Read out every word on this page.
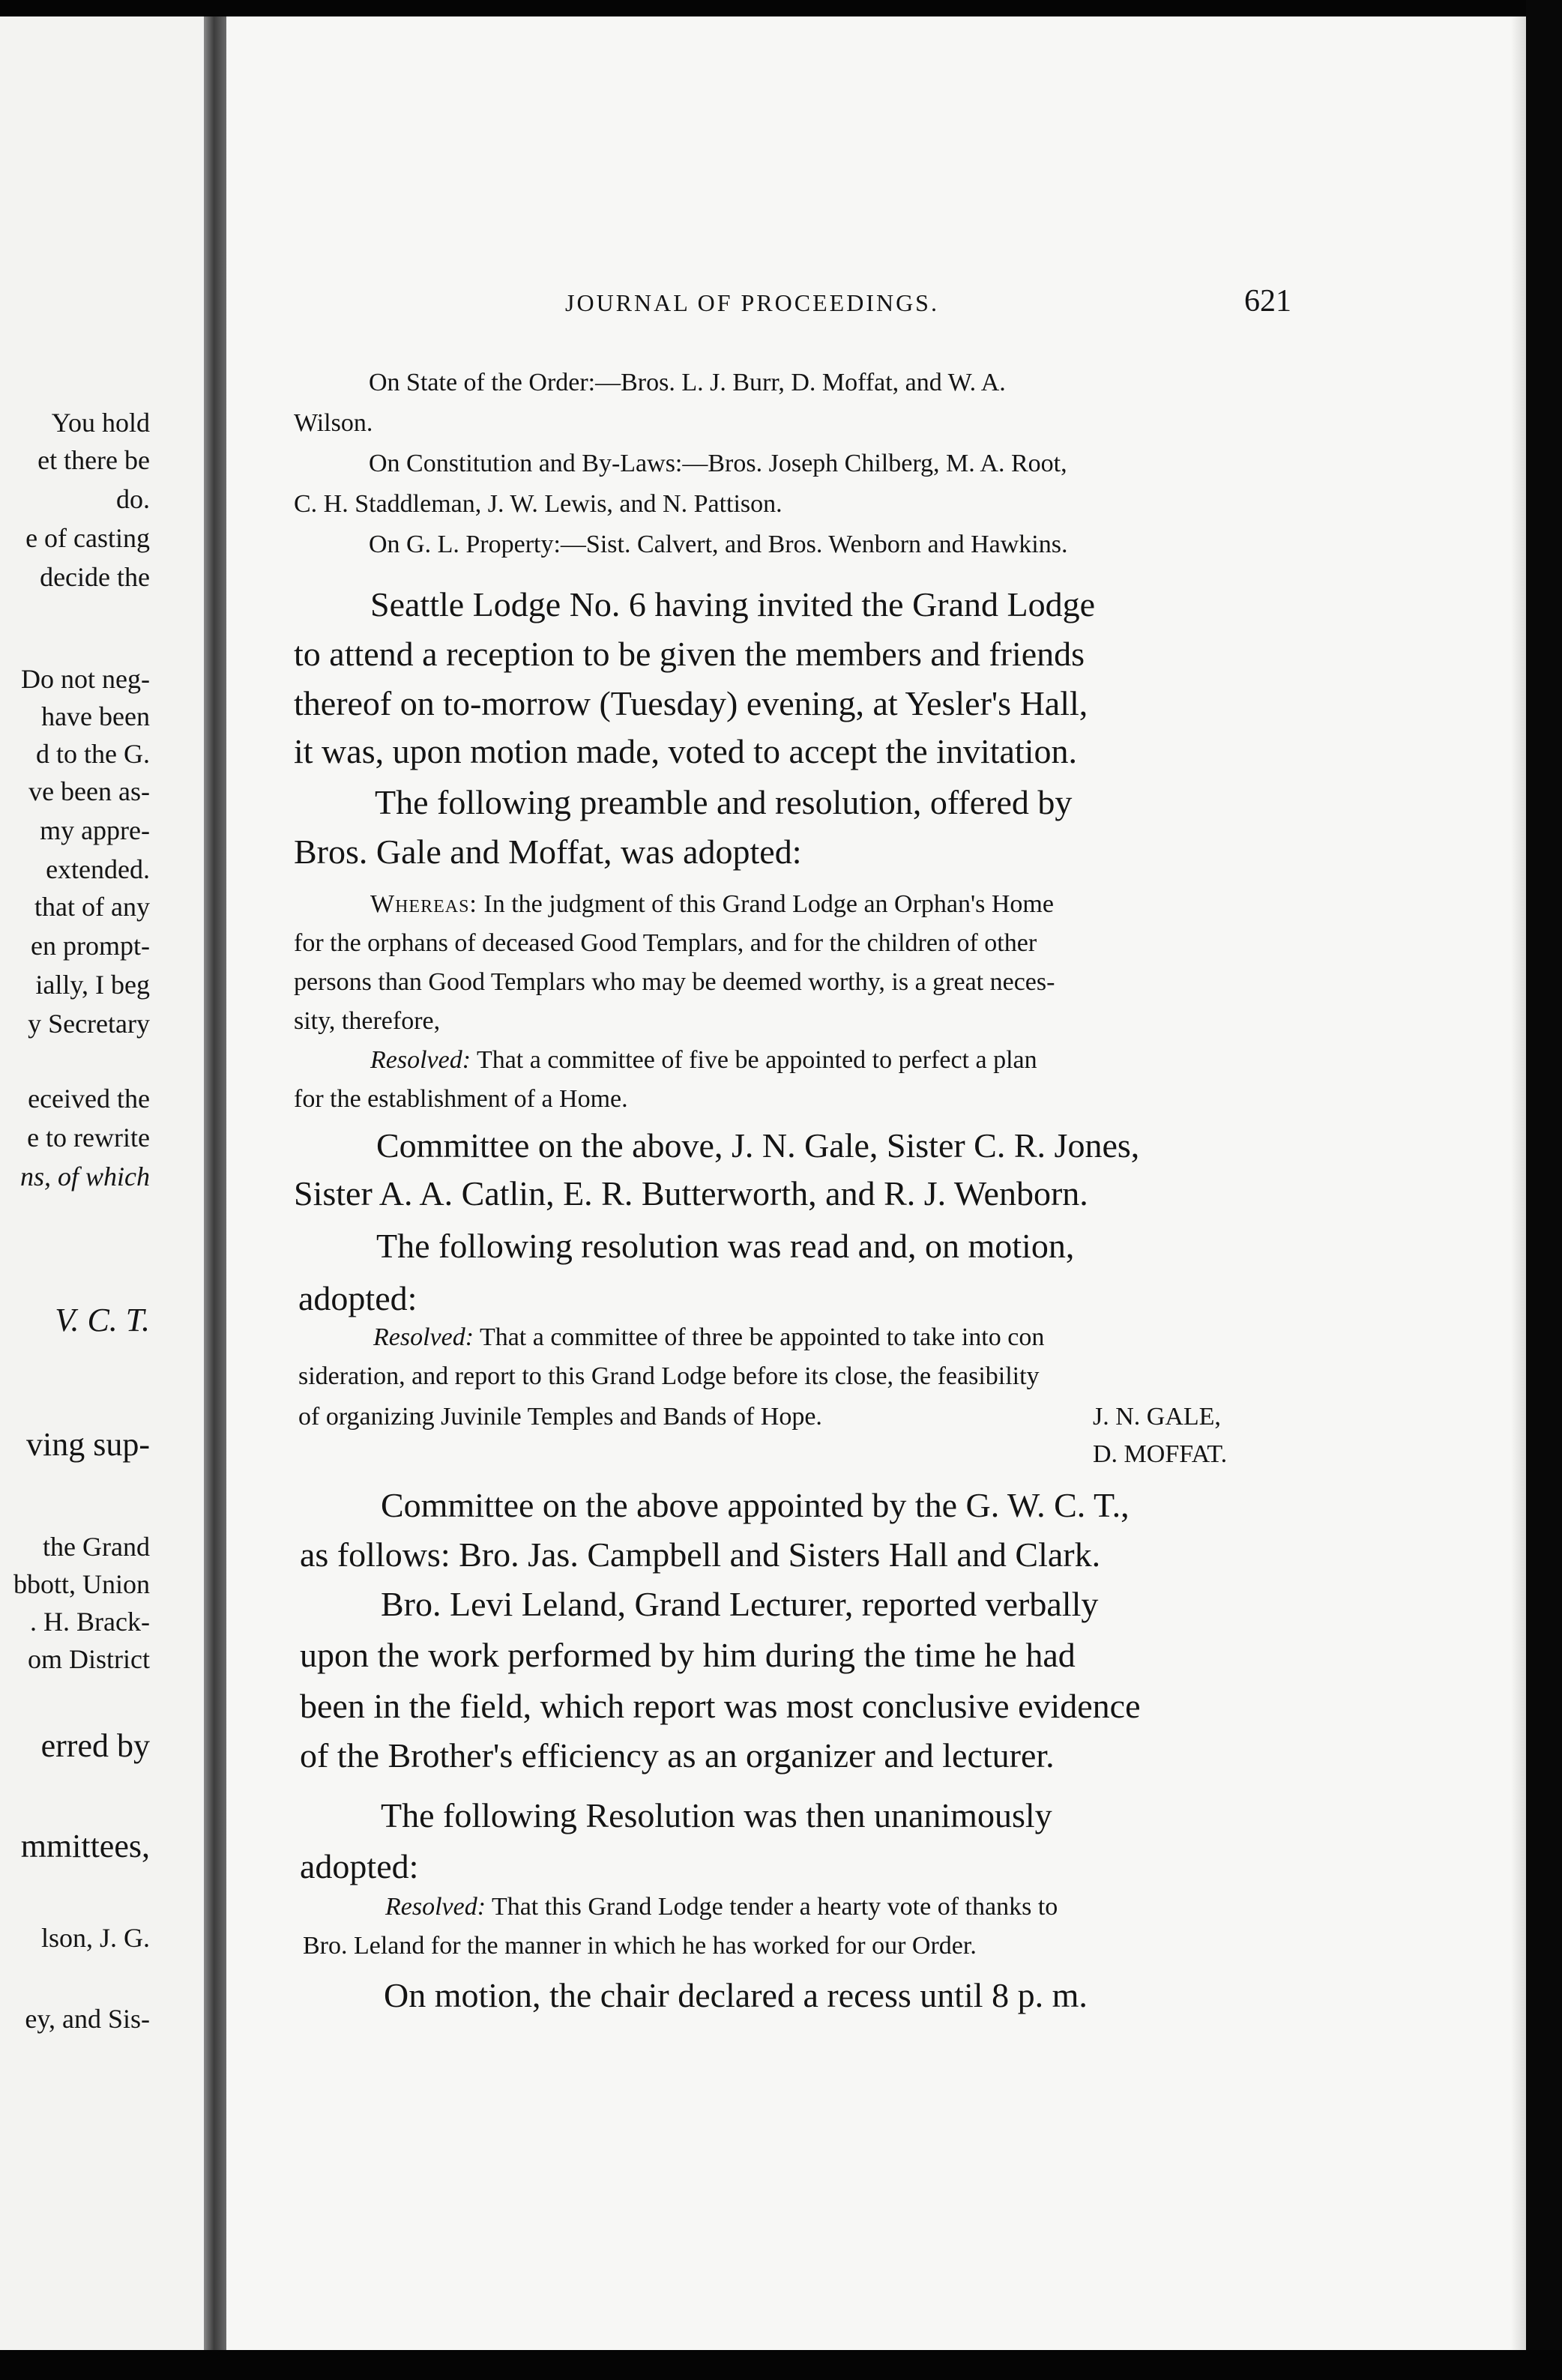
You hold

et there be

do.

e of casting

decide the

Do not neg-

have been

d to the G.

ve been as-

my appre-

extended.

that of any

en prompt-

ially, I beg

y Secretary

eceived the

e to rewrite

ns, of which

V. C. T.

ving sup-

the Grand

bbott, Union

. H. Brack-

om District

erred by

mmittees,

lson, J. G.

ey, and Sis-

JOURNAL OF PROCEEDINGS.	621

On State of the Order:—Bros. L. J. Burr, D. Moffat, and W. A.

Wilson.

On Constitution and By-Laws:—Bros. Joseph Chilberg, M. A. Root,

C. H. Staddleman, J. W. Lewis, and N. Pattison.

On G. L. Property:—Sist. Calvert, and Bros. Wenborn and Hawkins.

Seattle Lodge No. 6 having invited the Grand Lodge

to attend a reception to be given the members and friends

thereof on to-morrow (Tuesday) evening, at Yesler's Hall,

it was, upon motion made, voted to accept the invitation.

The following preamble and resolution, offered by

Bros. Gale and Moffat, was adopted:

Whereas: In the judgment of this Grand Lodge an Orphan's Home

for the orphans of deceased Good Templars, and for the children of other

persons than Good Templars who may be deemed worthy, is a great neces-

sity, therefore,

Resolved: That a committee of five be appointed to perfect a plan

for the establishment of a Home.

Committee on the above, J. N. Gale, Sister C. R. Jones,

Sister A. A. Catlin, E. R. Butterworth, and R. J. Wenborn.

The following resolution was read and, on motion,

adopted:

Resolved: That a committee of three be appointed to take into con

sideration, and report to this Grand Lodge before its close, the feasibility

of organizing Juvinile Temples and Bands of Hope.	J. N. GALE,

D. MOFFAT.

Committee on the above appointed by the G. W. C. T.,

as follows: Bro. Jas. Campbell and Sisters Hall and Clark.

Bro. Levi Leland, Grand Lecturer, reported verbally

upon the work performed by him during the time he had

been in the field, which report was most conclusive evidence

of the Brother's efficiency as an organizer and lecturer.

The following Resolution was then unanimously

adopted:

Resolved: That this Grand Lodge tender a hearty vote of thanks to

Bro. Leland for the manner in which he has worked for our Order.

On motion, the chair declared a recess until 8 p. m.
